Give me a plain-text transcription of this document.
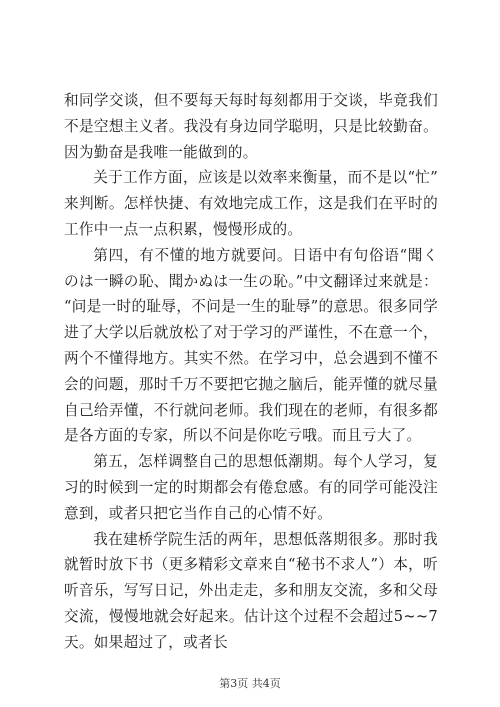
和同学交谈，但不要每天每时每刻都用于交谈，毕竟我们不是空想主义者。我没有身边同学聪明，只是比较勤奋。因为勤奋是我唯一能做到的。

关于工作方面，应该是以效率来衡量，而不是以“忙”来判断。怎样快捷、有效地完成工作，这是我们在平时的工作中一点一点积累，慢慢形成的。

第四，有不懂的地方就要问。日语中有句俗语“聞くのは一瞬の恥、聞かぬは一生の恥。”中文翻译过来就是：“问是一时的耻辱，不问是一生的耻辱”的意思。很多同学进了大学以后就放松了对于学习的严谨性，不在意一个，两个不懂得地方。其实不然。在学习中，总会遇到不懂不会的问题，那时千万不要把它抛之脑后，能弄懂的就尽量自己给弄懂，不行就问老师。我们现在的老师，有很多都是各方面的专家，所以不问是你吃亏哦。而且亏大了。

第五，怎样调整自己的思想低潮期。每个人学习，复习的时候到一定的时期都会有倦怠感。有的同学可能没注意到，或者只把它当作自己的心情不好。

我在建桥学院生活的两年，思想低落期很多。那时我就暂时放下书（更多精彩文章来自“秘书不求人”）本，听听音乐，写写日记，外出走走，多和朋友交流，多和父母交流，慢慢地就会好起来。估计这个过程不会超过5~~7天。如果超过了，或者长

第3页 共4页
